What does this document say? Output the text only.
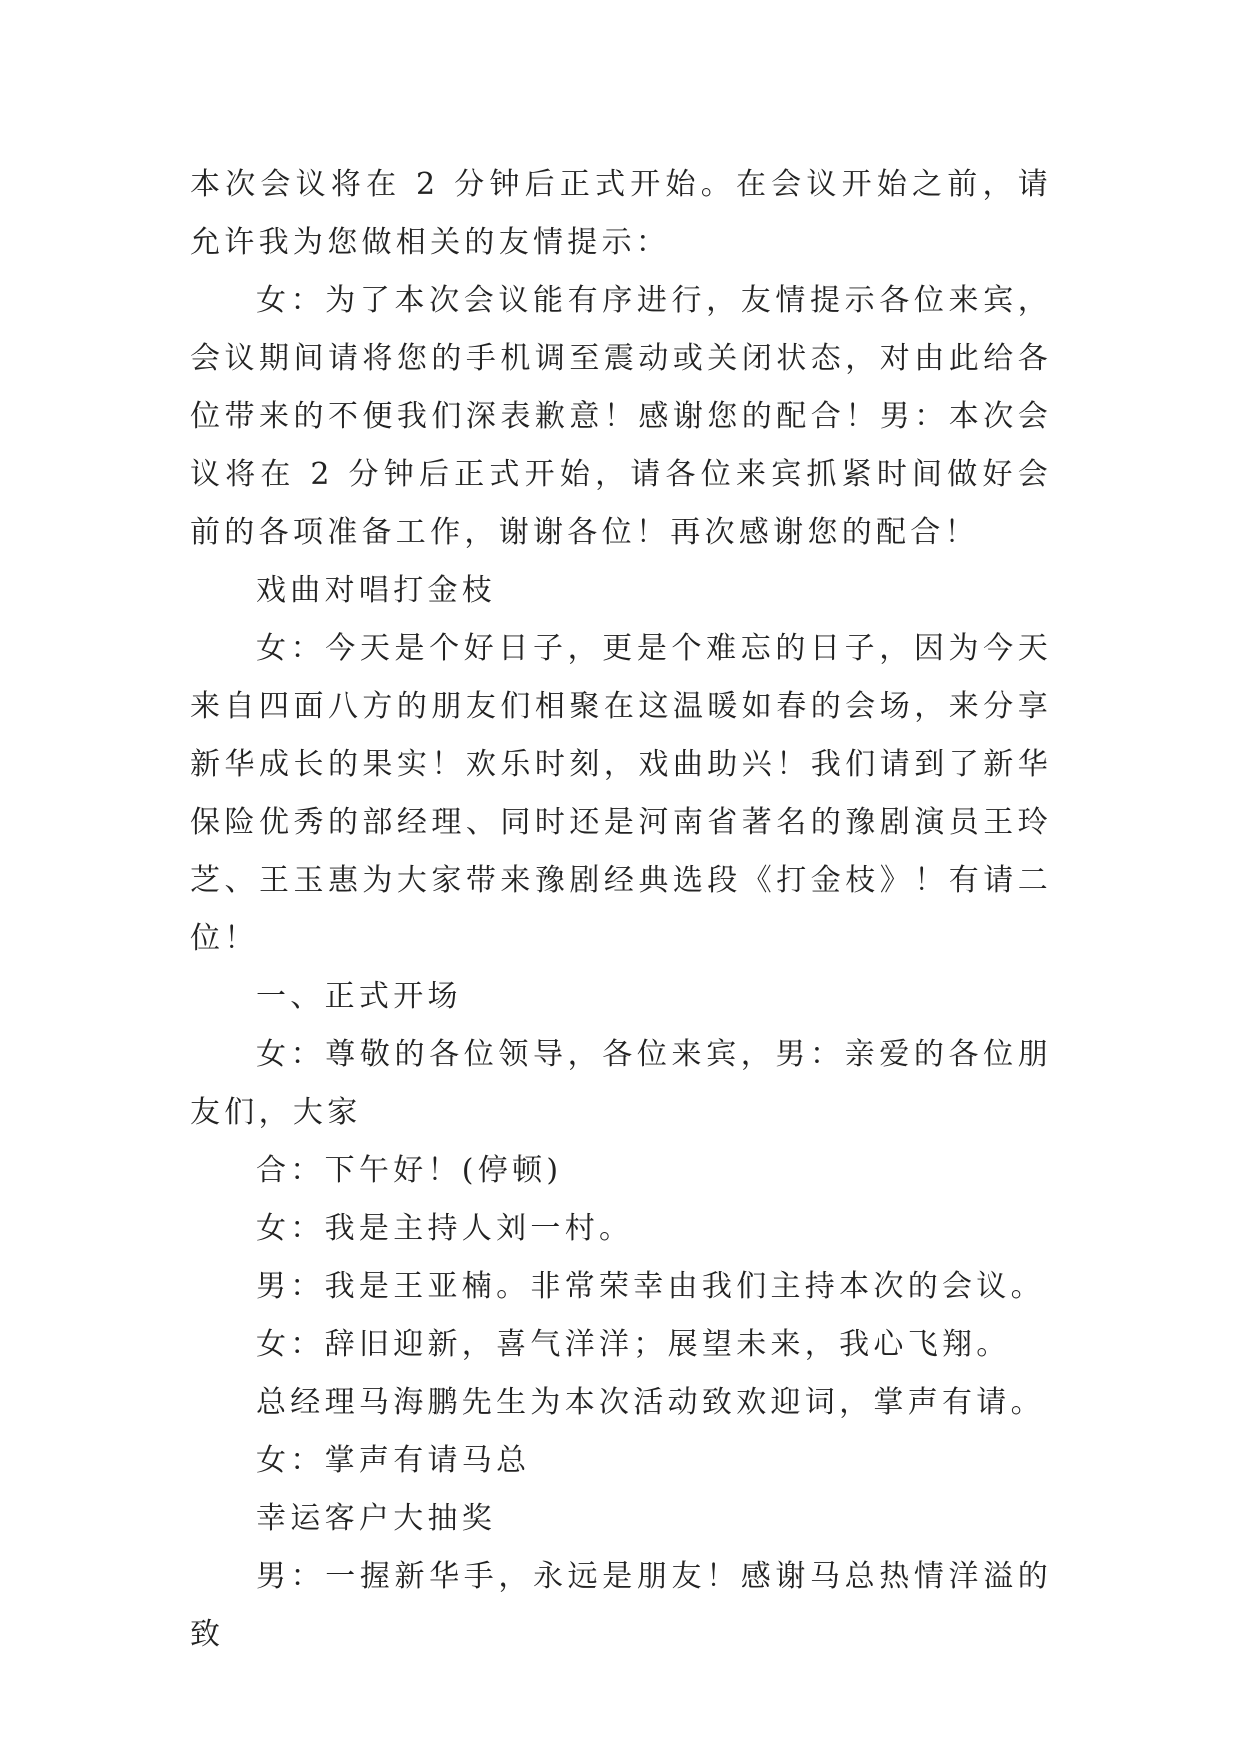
本次会议将在 2 分钟后正式开始。在会议开始之前，请允许我为您做相关的友情提示：

女：为了本次会议能有序进行，友情提示各位来宾，会议期间请将您的手机调至震动或关闭状态，对由此给各位带来的不便我们深表歉意！感谢您的配合！男：本次会议将在 2 分钟后正式开始，请各位来宾抓紧时间做好会前的各项准备工作，谢谢各位！再次感谢您的配合！

戏曲对唱打金枝

女：今天是个好日子，更是个难忘的日子，因为今天来自四面八方的朋友们相聚在这温暖如春的会场，来分享新华成长的果实！欢乐时刻，戏曲助兴！我们请到了新华保险优秀的部经理、同时还是河南省著名的豫剧演员王玲芝、王玉惠为大家带来豫剧经典选段《打金枝》！有请二位！

一、正式开场

女：尊敬的各位领导，各位来宾，男：亲爱的各位朋友们，大家

合：下午好！(停顿)

女：我是主持人刘一村。

男：我是王亚楠。非常荣幸由我们主持本次的会议。

女：辞旧迎新，喜气洋洋；展望未来，我心飞翔。

总经理马海鹏先生为本次活动致欢迎词，掌声有请。

女：掌声有请马总

幸运客户大抽奖

男：一握新华手，永远是朋友！感谢马总热情洋溢的致
